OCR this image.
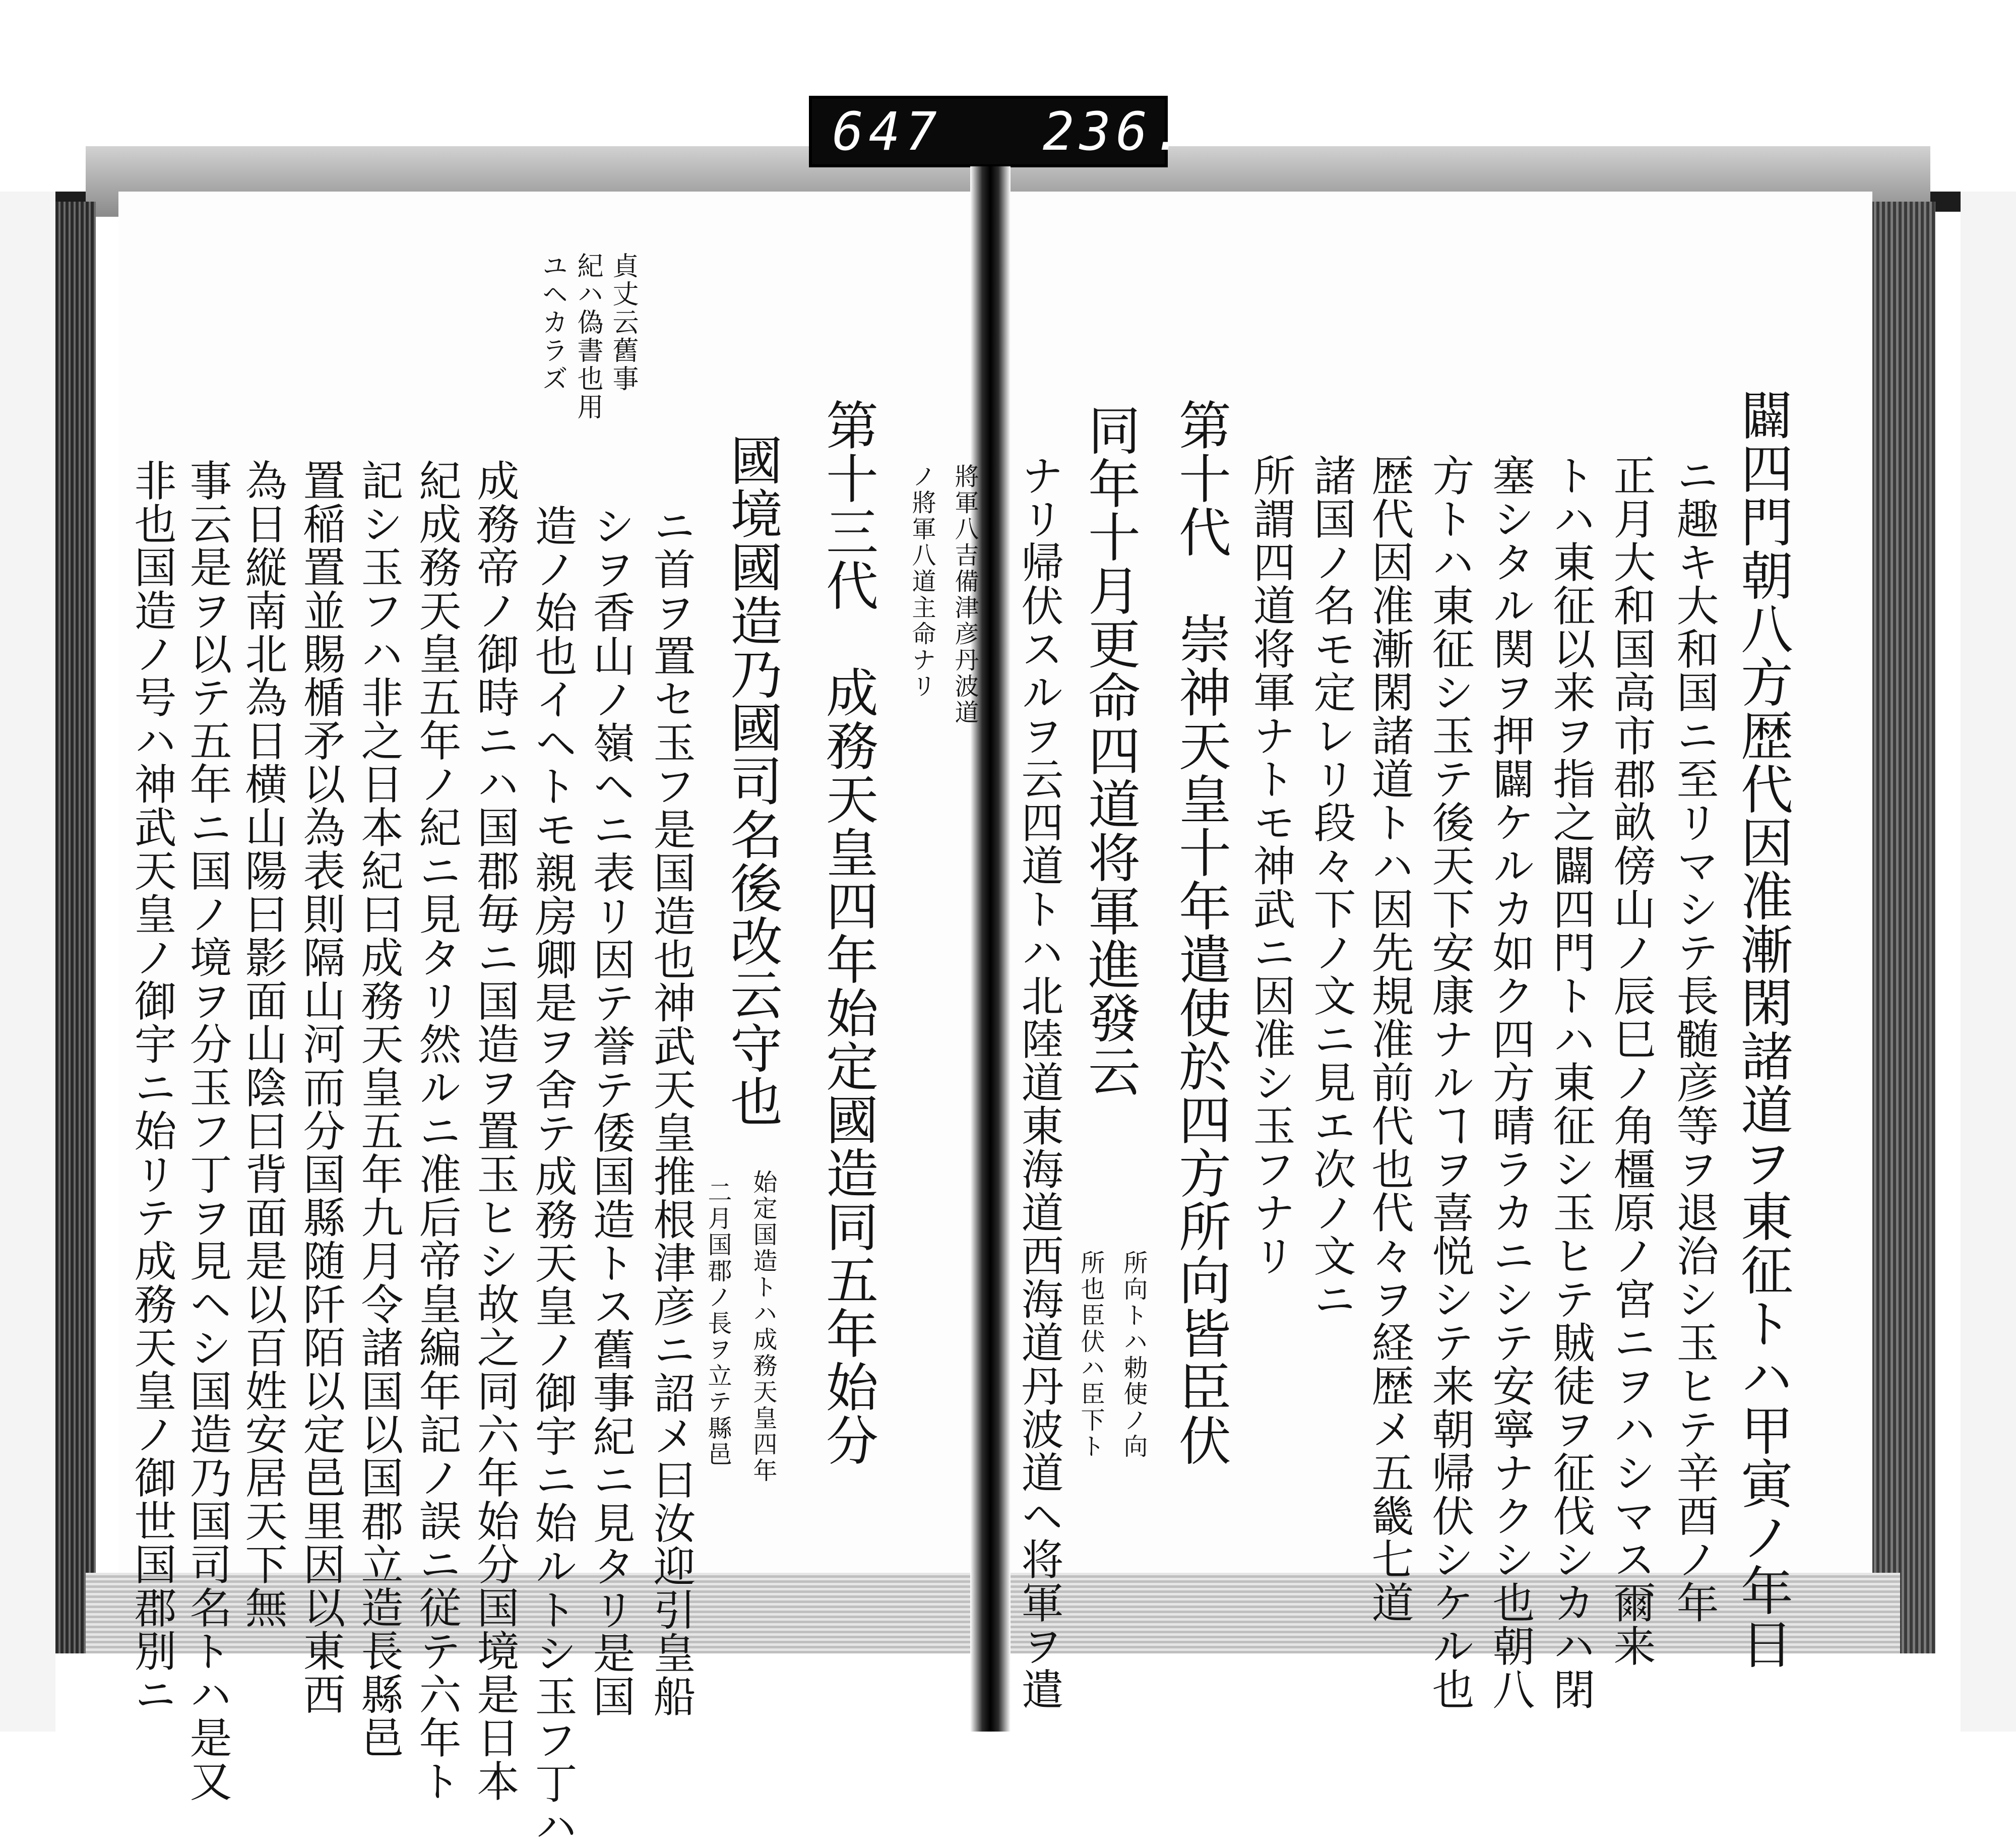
647 236.
闢四門朝八方歴代因准漸閑諸道ヲ東征トハ甲寅ノ年日
ニ趣キ大和国ニ至リマシテ長髄彦等ヲ退治シ玉ヒテ辛酉ノ年
正月大和国高市郡畝傍山ノ辰巳ノ角橿原ノ宮ニヲハシマス爾来
トハ東征以来ヲ指之闢四門トハ東征シ玉ヒテ賊徒ヲ征伐シカハ閉
塞シタル関ヲ押闢ケルカ如ク四方晴ラカニシテ安寧ナクシ也朝八
方トハ東征シ玉テ後天下安康ナルヿヲ喜悦シテ来朝帰伏シケル也
歴代因准漸閑諸道トハ因先規准前代也代々ヲ経歴メ五畿七道
諸国ノ名モ定レリ段々下ノ文ニ見エ次ノ文ニ
所謂四道将軍ナトモ神武ニ因准シ玉フナリ
第十代　崇神天皇十年遣使於四方所向皆臣伏
同年十月更命四道将軍進發云
所向トハ勅使ノ向
所也臣伏ハ臣下ト
ナリ帰伏スルヲ云四道トハ北陸道東海道西海道丹波道ヘ将軍ヲ遣
將軍八吉備津彦丹波道
ノ將軍八道主命ナリ
第十三代　成務天皇四年始定國造同五年始分
國境國造乃國司名後改云守也
始定国造トハ成務天皇四年
二月国郡ノ長ヲ立テ縣邑
ニ首ヲ置セ玉フ是国造也神武天皇推根津彦ニ詔メ曰汝迎引皇船
シヲ香山ノ嶺ヘニ表リ因テ誉テ倭国造トス舊事紀ニ見タリ是国
造ノ始也イヘトモ親房卿是ヲ舍テ成務天皇ノ御宇ニ始ルトシ玉フ丁ハ
成務帝ノ御時ニハ国郡毎ニ国造ヲ置玉ヒシ故之同六年始分国境是日本
紀成務天皇五年ノ紀ニ見タリ然ルニ准后帝皇編年記ノ誤ニ従テ六年ト
記シ玉フハ非之日本紀曰成務天皇五年九月令諸国以国郡立造長縣邑
置稲置並賜楯矛以為表則隔山河而分国縣随阡陌以定邑里因以東西
為日縦南北為日横山陽曰影面山陰曰背面是以百姓安居天下無
事云是ヲ以テ五年ニ国ノ境ヲ分玉フ丁ヲ見ヘシ国造乃国司名トハ是又
非也国造ノ号ハ神武天皇ノ御宇ニ始リテ成務天皇ノ御世国郡別ニ
貞丈云舊事
紀ハ偽書也用
ユヘカラズ
